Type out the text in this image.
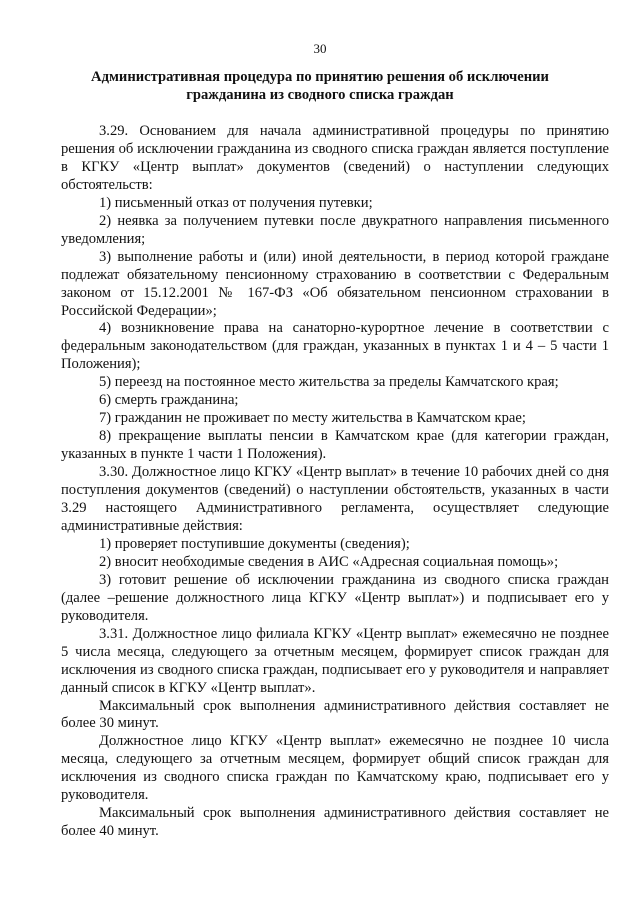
30
Административная процедура по принятию решения об исключении
гражданина из сводного списка граждан

3.29. Основанием для начала административной процедуры по принятию решения об исключении гражданина из сводного списка граждан является поступление в КГКУ «Центр выплат» документов (сведений) о наступлении следующих обстоятельств:

1) письменный отказ от получения путевки;

2) неявка за получением путевки после двукратного направления письменного уведомления;

3) выполнение работы и (или) иной деятельности, в период которой граждане подлежат обязательному пенсионному страхованию в соответствии с Федеральным законом от 15.12.2001 № 167-ФЗ «Об обязательном пенсионном страховании в Российской Федерации»;

4) возникновение права на санаторно-курортное лечение в соответствии с федеральным законодательством (для граждан, указанных в пунктах 1 и 4 – 5 части 1 Положения);

5) переезд на постоянное место жительства за пределы Камчатского края;

6) смерть гражданина;

7) гражданин не проживает по месту жительства в Камчатском крае;

8) прекращение выплаты пенсии в Камчатском крае (для категории граждан, указанных в пункте 1 части 1 Положения).

3.30. Должностное лицо КГКУ «Центр выплат» в течение 10 рабочих дней со дня поступления документов (сведений) о наступлении обстоятельств, указанных в части 3.29 настоящего Административного регламента, осуществляет следующие административные действия:

1) проверяет поступившие документы (сведения);

2) вносит необходимые сведения в АИС «Адресная социальная помощь»;

3) готовит решение об исключении гражданина из сводного списка граждан (далее –решение должностного лица КГКУ «Центр выплат») и подписывает его у руководителя.

3.31. Должностное лицо филиала КГКУ «Центр выплат» ежемесячно не позднее 5 числа месяца, следующего за отчетным месяцем, формирует список граждан для исключения из сводного списка граждан, подписывает его у руководителя и направляет данный список в КГКУ «Центр выплат».

Максимальный срок выполнения административного действия составляет не более 30 минут.

Должностное лицо КГКУ «Центр выплат» ежемесячно не позднее 10 числа месяца, следующего за отчетным месяцем, формирует общий список граждан для исключения из сводного списка граждан по Камчатскому краю, подписывает его у руководителя.

Максимальный срок выполнения административного действия составляет не более 40 минут.
